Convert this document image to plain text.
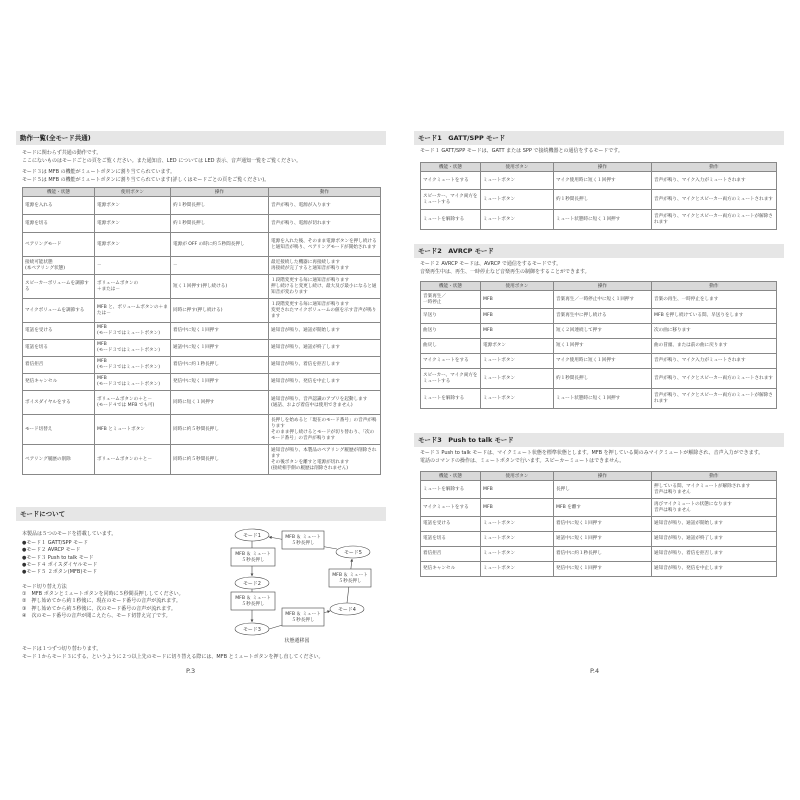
動作一覧(全モード共通)
モードに関わらず共通の動作です。
ここにないものはモードごとの頁をご覧ください。また通知音、LED については LED 表示、音声通知一覧をご覧ください。
モード３は MFB の機能がミュートボタンに割り当てられています。
モード５は MFB の機能がミュートボタンに割り当てられています(詳しくはモードごとの頁をご覧ください)。
機能・状態	使用ボタン	操作	動作
電源を入れる	電源ボタン	約１秒間長押し	音声が鳴り、電源が入ります
電源を切る	電源ボタン	約１秒間長押し	音声が鳴り、電源が切れます
ペアリングモード	電源ボタン	電源が OFF の時に約５秒間長押し	電源を入れた後、そのまま電源ボタンを押し続けると通知音が鳴り、ペアリングモードが開始されます
接続可能状態
(本ペアリング状態)	－	－	最近接続した機器に再接続します
再接続が完了すると通知音が鳴ります
スピーカーボリュームを調節する	ボリュームボタンの
＋または－	短く１回押す(押し続ける)	１段階変更する毎に通知音が鳴ります
押し続けると変更し続け、最大及び最小になると通知音が変わります
マイクボリュームを調節する	MFB と、ボリュームボタンの＋または－	同時に押す(押し続ける)	１段階変更する毎に通知音が鳴ります
変更されたマイクボリュームの値を示す音声が鳴ります
電話を受ける	MFB
(モード３ではミュートボタン)	着信中に短く１回押す	通知音が鳴り、通話が開始します
電話を切る	MFB
(モード３ではミュートボタン)	通話中に短く１回押す	通知音が鳴り、通話が終了します
着信拒否	MFB
(モード３ではミュートボタン)	着信中に約１秒長押し	通知音が鳴り、着信を拒否します
発信キャンセル	MFB
(モード３ではミュートボタン)	発信中に短く１回押す	通知音が鳴り、発信を中止します
ボイスダイヤルをする	ボリュームボタンの＋と－
(モード４では MFB でも可)	同時に短く１回押す	通知音が鳴り、音声認識のアプリを起動します
(通話、および着信中は使用できません)
モード切替え	MFB とミュートボタン	同時に約５秒間長押し	長押しを始めると「現在のモード番号」の音声が鳴ります
そのまま押し続けるとモードが切り替わり、「次のモード番号」の音声が鳴ります
ペアリング履歴の削除	ボリュームボタンの＋と－	同時に約５秒間長押し	通知音が鳴り、本製品のペアリング履歴が削除されます
その後ボタンを離すと電源が切れます
(接続相手側の履歴は削除されません)
モードについて
本製品は５つのモードを搭載しています。
●モード１ GATT/SPP モード
●モード２ AVRCP モード
●モード３ Push to talk モード
●モード４ ボイスダイヤルモード
●モード５ ２ボタン(MFB)モード
モード切り替え方法
①　MFB ボタンとミュートボタンを同時に５秒間長押ししてください。
②　押し始めてから約１秒後に、現在のモード番号の音声が流れます。
③　押し始めてから約５秒後に、次のモード番号の音声が流れます。
④　次のモード番号の音声が聞こえたら、モード切替え完了です。
モード1
モード2
モード3
モード4
モード5
MFB ＆ ミュート
５秒長押し
MFB ＆ ミュート
５秒長押し
MFB ＆ ミュート
５秒長押し
MFB ＆ ミュート
５秒長押し
MFB ＆ ミュート
５秒長押し
状態遷移図
モードは１つずつ切り替わります。
モード１からモード３にする、というように２つ以上先のモードに切り替える際には、MFB とミュートボタンを押し直してください。
P.3
モード1　GATT/SPP モード
モード１ GATT/SPP モードは、GATT または SPP で接続機器との通信をするモードです。
機能・状態	使用ボタン	操作	動作
マイクミュートをする	ミュートボタン	マイク使用時に短く１回押す	音声が鳴り、マイク入力がミュートされます
スピーカー、マイク両方をミュートする	ミュートボタン	約１秒間長押し	音声が鳴り、マイクとスピーカー両方のミュートされます
ミュートを解除する	ミュートボタン	ミュート状態時に短く１回押す	音声が鳴り、マイクとスピーカー両方のミュートが解除されます
モード2　AVRCP モード
モード２ AVRCP モードは、AVRCP で通信をするモードです。
音楽再生中は、再生、一時停止など音楽再生の制御をすることができます。
機能・状態	使用ボタン	操作	動作
音楽再生／
一時停止	MFB	音楽再生／一時停止中に短く１回押す	音楽の再生、一時停止をします
早送り	MFB	音楽再生中に押し続ける	MFB を押し続けている間、早送りをします
曲送り	MFB	短く２回連続して押す	次の曲に移ります
曲戻し	電源ボタン	短く１回押す	曲の冒頭、または前の曲に戻ります
マイクミュートをする	ミュートボタン	マイク使用時に短く１回押す	音声が鳴り、マイク入力がミュートされます
スピーカー、マイク両方をミュートする	ミュートボタン	約１秒間長押し	音声が鳴り、マイクとスピーカー両方のミュートされます
ミュートを解除する	ミュートボタン	ミュート状態時に短く１回押す	音声が鳴り、マイクとスピーカー両方のミュートが解除されます
モード3　Push to talk モード
モード３ Push to talk モードは、マイクミュート状態を標準状態とします。MFB を押している間のみマイクミュートが解除され、音声入力ができます。
電話のコマンドの操作は、ミュートボタンで行います。スピーカーミュートはできません。
機能・状態	使用ボタン	操作	動作
ミュートを解除する	MFB	長押し	押している間、マイクミュートが解除されます
音声は鳴りません
マイクミュートをする	MFB	MFB を離す	再びマイクミュートの状態になります
音声は鳴りません
電話を受ける	ミュートボタン	着信中に短く１回押す	通知音が鳴り、通話が開始します
電話を切る	ミュートボタン	通話中に短く１回押す	通知音が鳴り、通話が終了します
着信拒否	ミュートボタン	着信中に約１秒長押し	通知音が鳴り、着信を拒否します
発信キャンセル	ミュートボタン	発信中に短く１回押す	通知音が鳴り、発信を中止します
P.4
